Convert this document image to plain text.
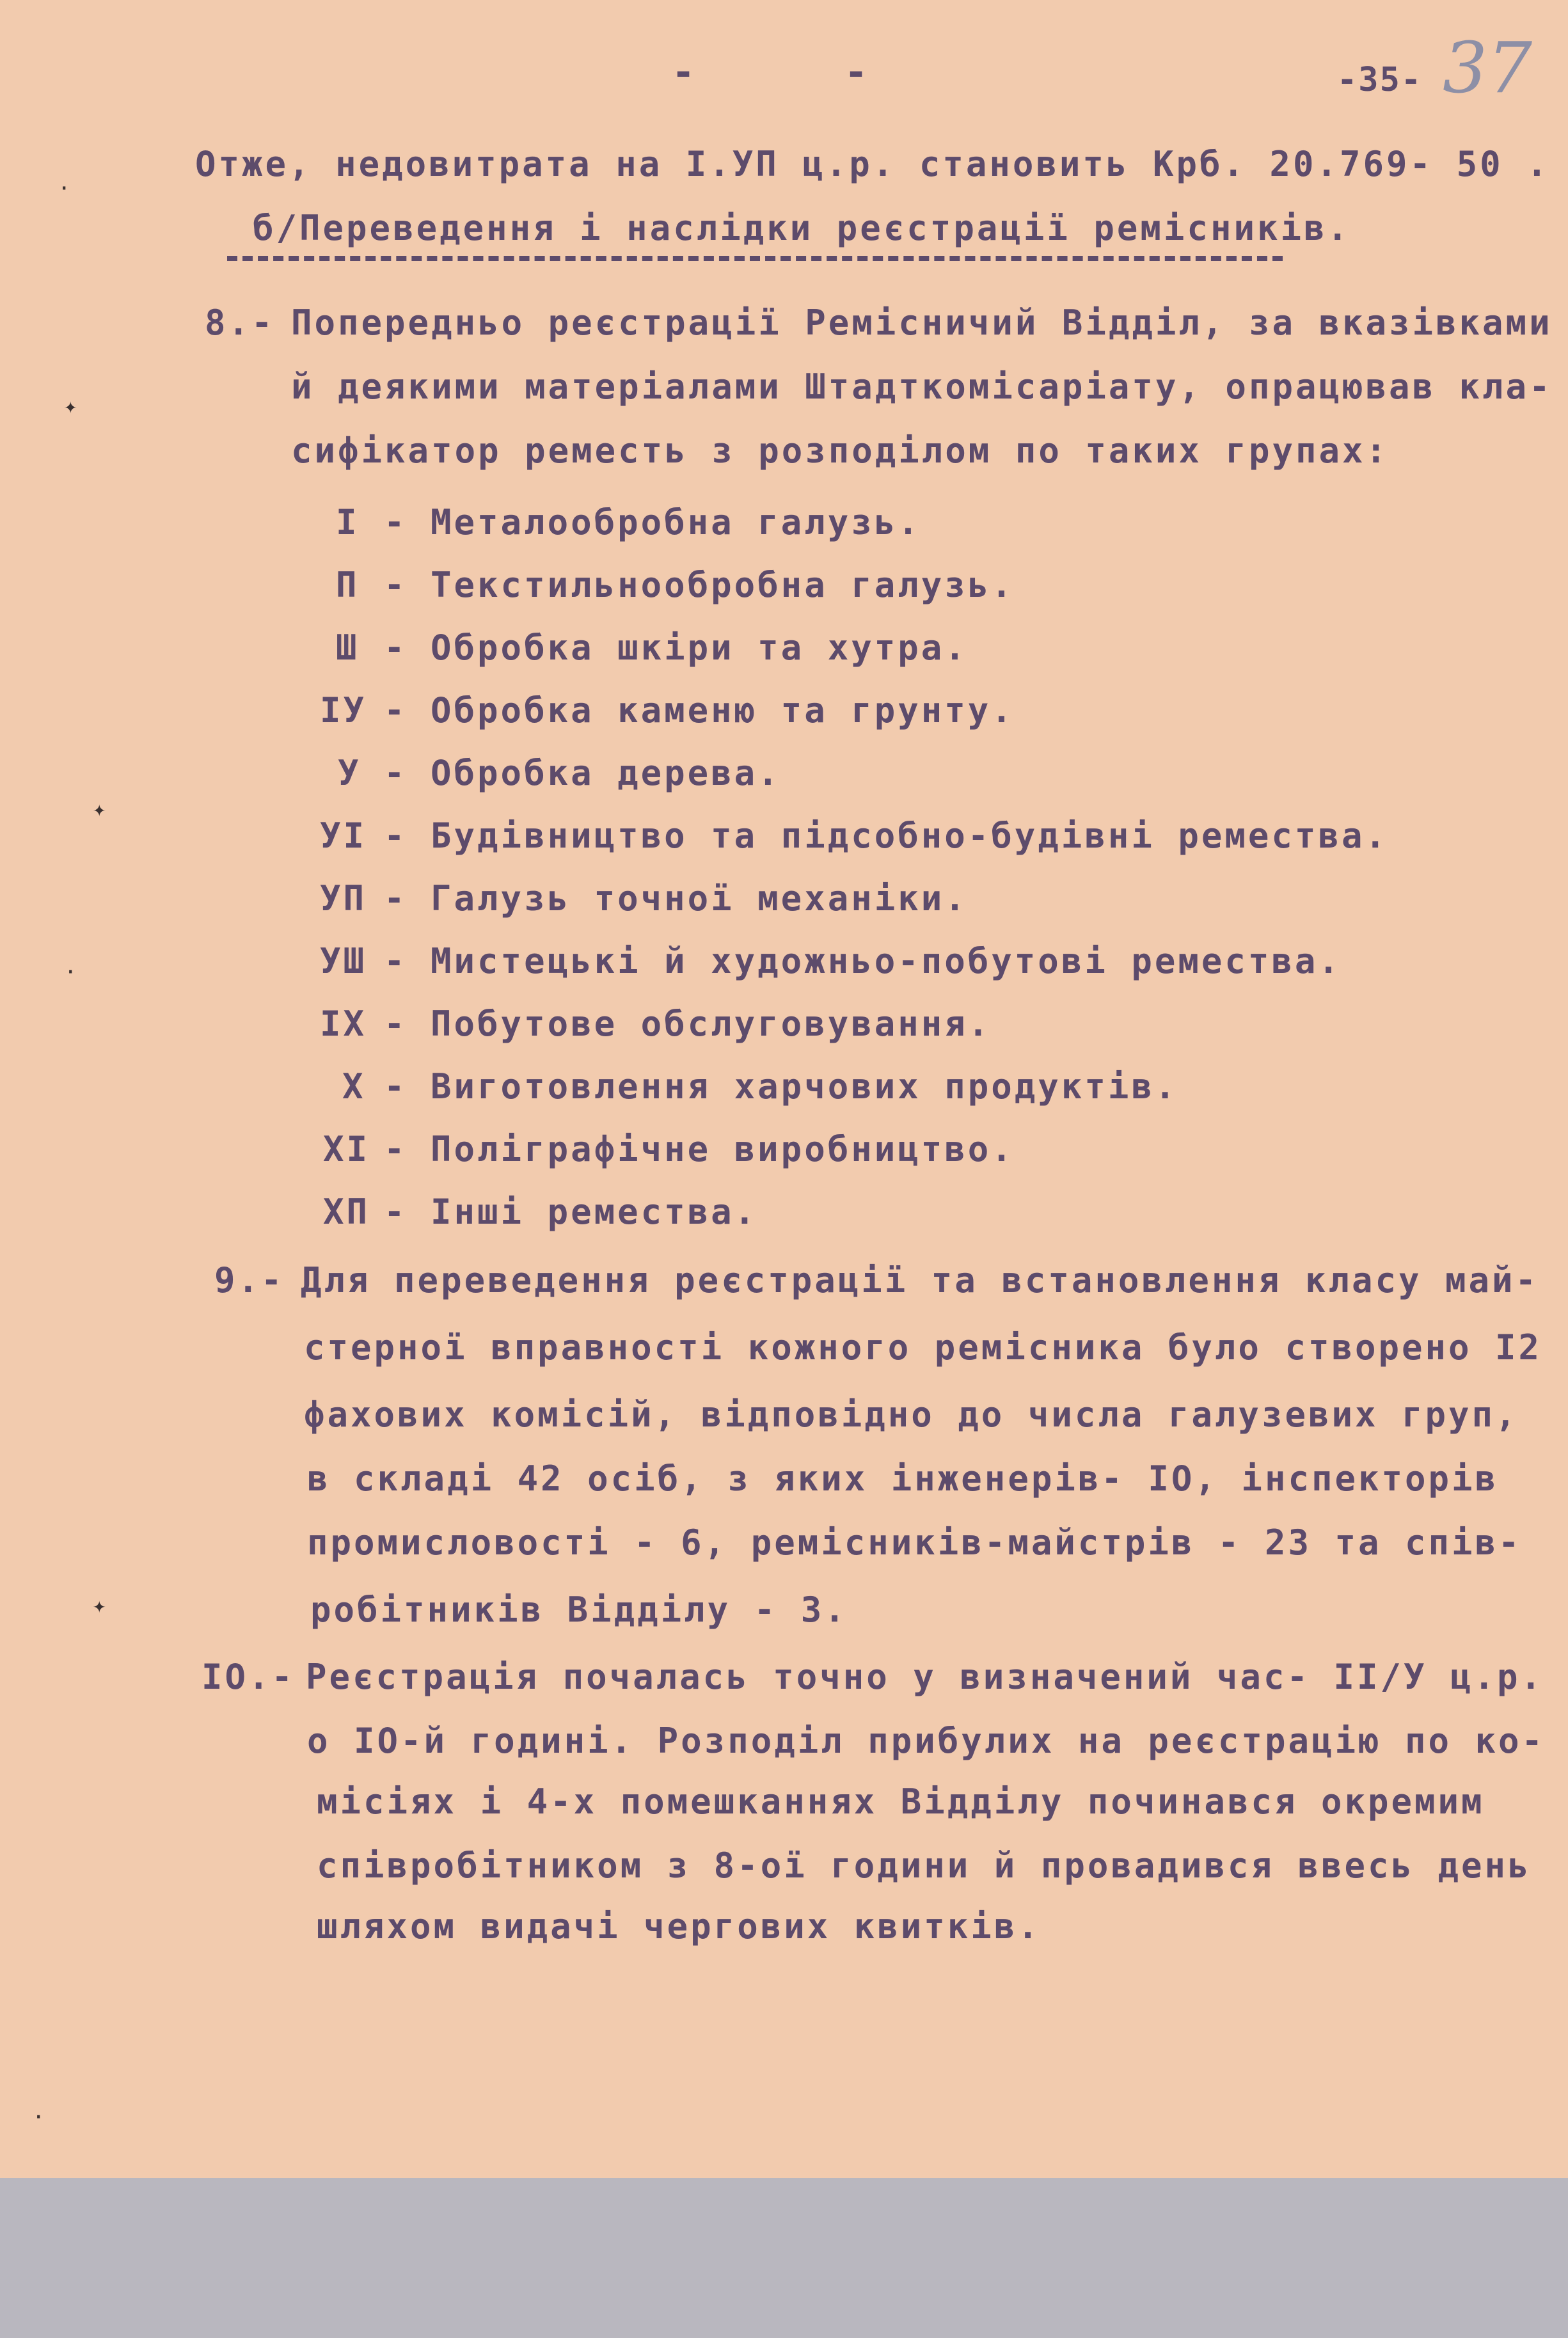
-	-	-35- 37
Отже, недовитрата на I.УП ц.р. становить Крб. 20.769- 50 .
б/Переведення і наслідки реєстрації ремісників.
8.- Попередньо реєстрації Ремісничий Відділ, за вказівками
й деякими матеріалами Штадткомісаріату, опрацював кла-
сифікатор реместь з розподілом по таких групах:
I - Металообробна галузь.
П - Текстильнообробна галузь.
Ш - Обробка шкіри та хутра.
IУ - Обробка каменю та грунту.
У - Обробка дерева.
УI - Будівництво та підсобно-будівні ремества.
УП - Галузь точної механіки.
УШ - Мистецькі й художньо-побутові ремества.
IX - Побутове обслуговування.
X - Виготовлення харчових продуктів.
XI - Поліграфічне виробництво.
XП - Інші ремества.
9.- Для переведення реєстрації та встановлення класу май-
стерної вправності кожного ремісника було створено I2
фахових комісій, відповідно до числа галузевих груп,
в складі 42 осіб, з яких інженерів- IО, інспекторів
промисловості - 6, ремісників-майстрів - 23 та спів-
робітників Відділу - 3.
IО.- Реєстрація почалась точно у визначений час- II/У ц.р.
о IО-й годині. Розподіл прибулих на реєстрацію по ко-
місіях і 4-х помешканнях Відділу починався окремим
співробітником з 8-ої години й провадився ввесь день
шляхом видачі чергових квитків.
·
✦
✦
·
✦
·
